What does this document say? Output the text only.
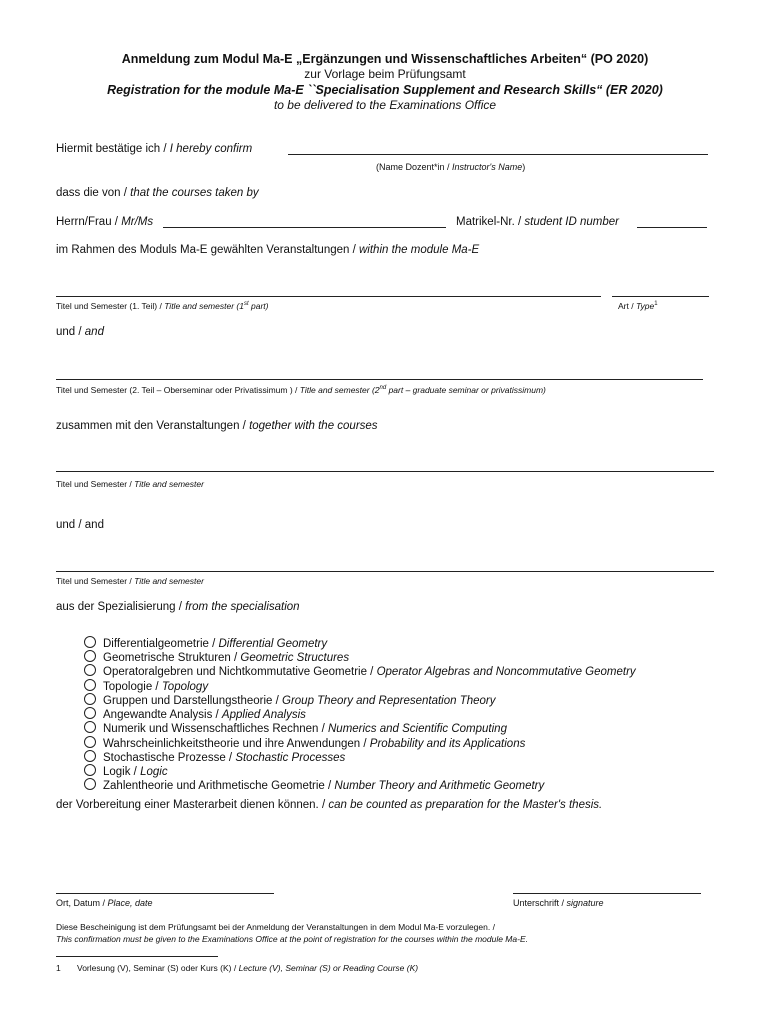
Anmeldung zum Modul Ma-E „Ergänzungen und Wissenschaftliches Arbeiten“ (PO 2020)
zur Vorlage beim Prüfungsamt
Registration for the module Ma-E ``Specialisation Supplement and Research Skills“ (ER 2020)
to be delivered to the Examinations Office
Hiermit bestätige ich / I hereby confirm
(Name Dozent*in / Instructor's Name)
dass die von / that the courses taken by
Herrn/Frau / Mr/Ms	Matrikel-Nr. / student ID number
im Rahmen des Moduls Ma-E gewählten Veranstaltungen / within the module Ma-E
Titel und Semester (1. Teil) / Title and semester (1st part)	Art / Type$^1$
und / and
Titel und Semester (2. Teil – Oberseminar oder Privatissimum ) / Title and semester (2nd part – graduate seminar or privatissimum)
zusammen mit den Veranstaltungen / together with the courses
Titel und Semester / Title and semester
und / and
Titel und Semester / Title and semester
aus der Spezialisierung / from the specialisation
Differentialgeometrie / Differential Geometry
Geometrische Strukturen / Geometric Structures
Operatoralgebren und Nichtkommutative Geometrie / Operator Algebras and Noncommutative Geometry
Topologie / Topology
Gruppen und Darstellungstheorie / Group Theory and Representation Theory
Angewandte Analysis / Applied Analysis
Numerik und Wissenschaftliches Rechnen / Numerics and Scientific Computing
Wahrscheinlichkeitstheorie und ihre Anwendungen / Probability and its Applications
Stochastische Prozesse / Stochastic Processes
Logik / Logic
Zahlentheorie und Arithmetische Geometrie / Number Theory and Arithmetic Geometry
der Vorbereitung einer Masterarbeit dienen können. / can be counted as preparation for the Master's thesis.
Ort, Datum / Place, date	Unterschrift / signature
Diese Bescheinigung ist dem Prüfungsamt bei der Anmeldung der Veranstaltungen in dem Modul Ma-E vorzulegen. /
This confirmation must be given to the Examinations Office at the point of registration for the courses within the module Ma-E.
1 Vorlesung (V), Seminar (S) oder Kurs (K) / Lecture (V), Seminar (S) or Reading Course (K)
